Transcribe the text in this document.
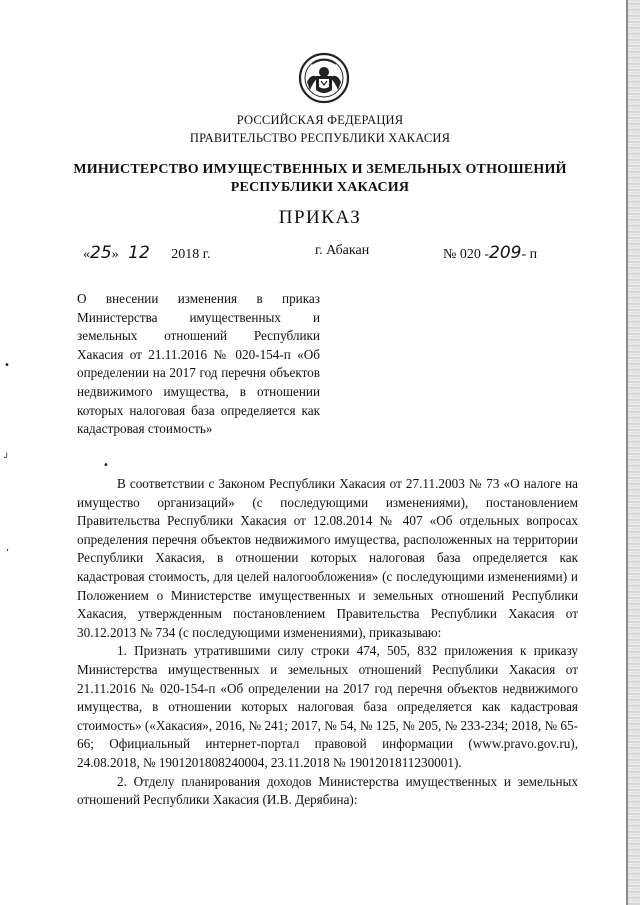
РОССИЙСКАЯ ФЕДЕРАЦИЯ
ПРАВИТЕЛЬСТВО РЕСПУБЛИКИ ХАКАСИЯ
МИНИСТЕРСТВО ИМУЩЕСТВЕННЫХ И ЗЕМЕЛЬНЫХ ОТНОШЕНИЙ
РЕСПУБЛИКИ ХАКАСИЯ
ПРИКАЗ
«25» 12 2018 г.	г. Абакан	№ 020 -209- п
О внесении изменения в приказ Министерства имущественных и земельных отношений Республики Хакасия от 21.11.2016 № 020-154-п «Об определении на 2017 год перечня объектов недвижимого имущества, в отношении которых налоговая база определяется как кадастровая стоимость»
•
ᴊ
ʻ
•

В соответствии с Законом Республики Хакасия от 27.11.2003 № 73 «О налоге на имущество организаций» (с последующими изменениями), постановлением Правительства Республики Хакасия от 12.08.2014 № 407 «Об отдельных вопросах определения перечня объектов недвижимого имущества, расположенных на территории Республики Хакасия, в отношении которых налоговая база определяется как кадастровая стоимость, для целей налогообложения» (с последующими изменениями) и Положением о Министерстве имущественных и земельных отношений Республики Хакасия, утвержденным постановлением Правительства Республики Хакасия от 30.12.2013 № 734 (с последующими изменениями), приказываю:

1. Признать утратившими силу строки 474, 505, 832 приложения к приказу Министерства имущественных и земельных отношений Республики Хакасия от 21.11.2016 № 020-154-п «Об определении на 2017 год перечня объектов недвижимого имущества, в отношении которых налоговая база определяется как кадастровая стоимость» («Хакасия», 2016, № 241; 2017, № 54, № 125, № 205, № 233-234; 2018, № 65-66; Официальный интернет-портал правовой информации (www.pravo.gov.ru), 24.08.2018, № 1901201808240004, 23.11.2018 № 1901201811230001).

2. Отделу планирования доходов Министерства имущественных и земельных отношений Республики Хакасия (И.В. Дерябина):
